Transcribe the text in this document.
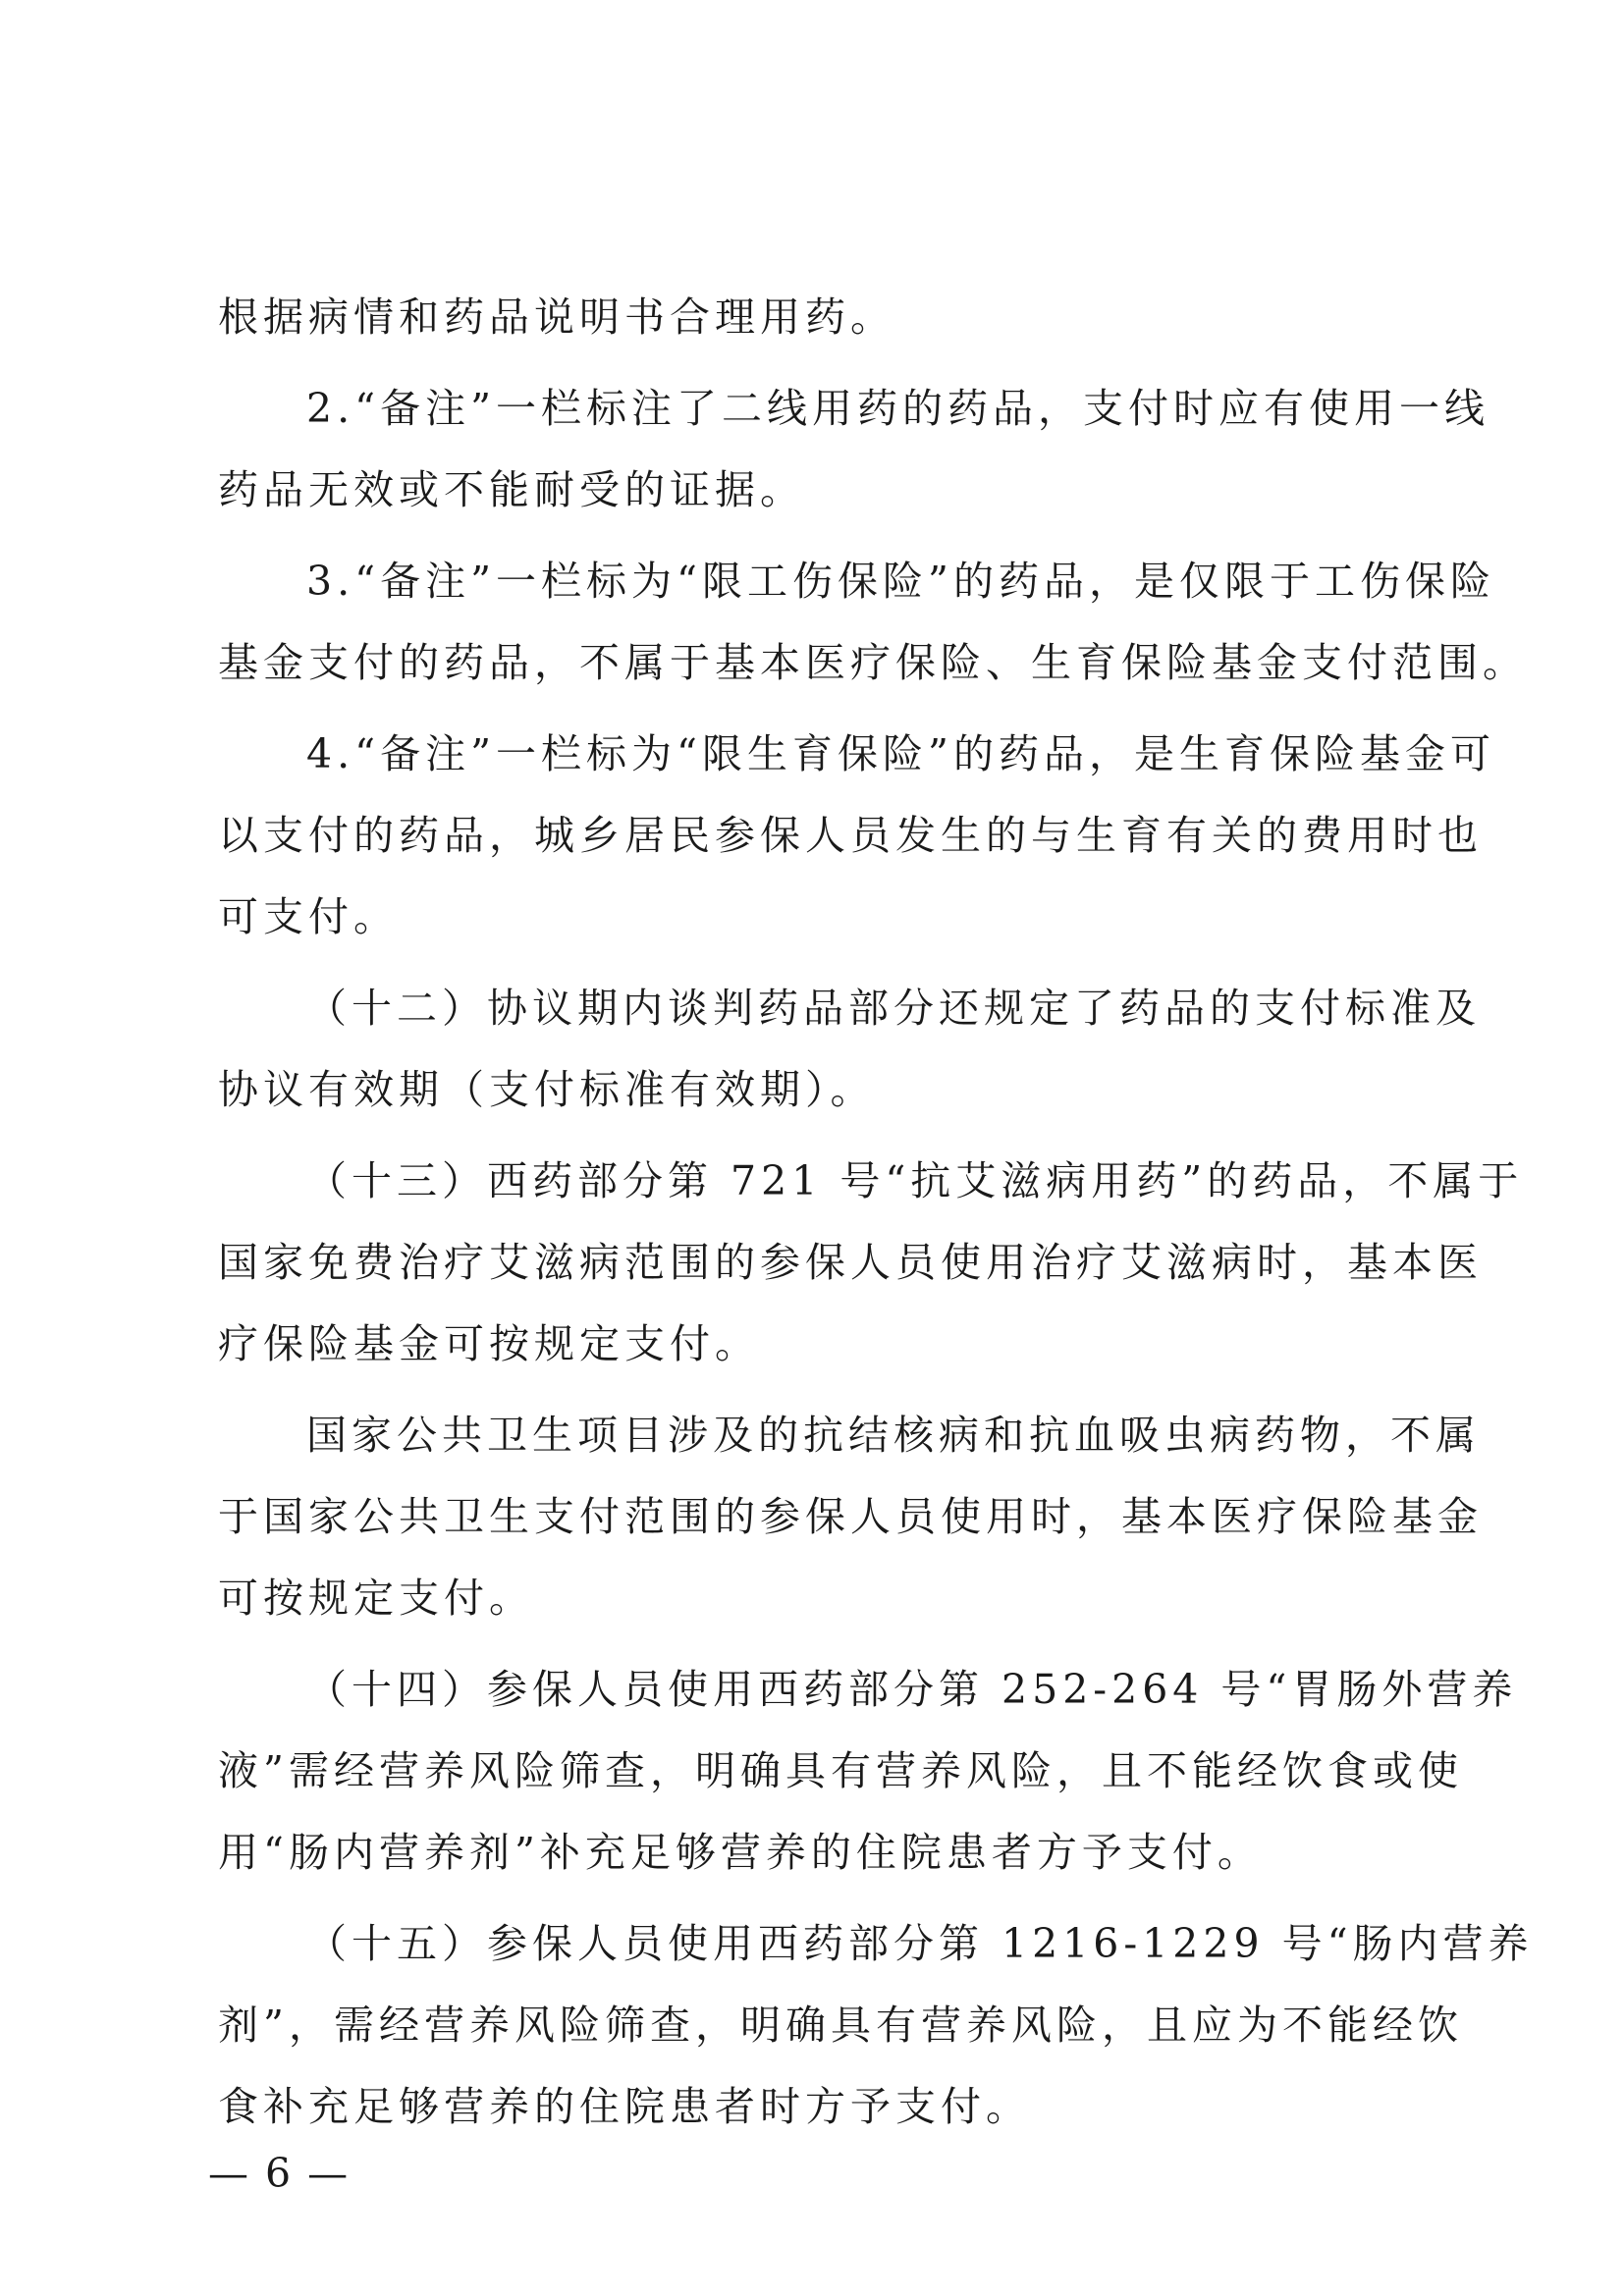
根据病情和药品说明书合理用药。
2.“备注”一栏标注了二线用药的药品，支付时应有使用一线
药品无效或不能耐受的证据。
3.“备注”一栏标为“限工伤保险”的药品，是仅限于工伤保险
基金支付的药品，不属于基本医疗保险、生育保险基金支付范围。
4.“备注”一栏标为“限生育保险”的药品，是生育保险基金可
以支付的药品，城乡居民参保人员发生的与生育有关的费用时也
可支付。
（十二）协议期内谈判药品部分还规定了药品的支付标准及
协议有效期（支付标准有效期）。
（十三）西药部分第 721 号“抗艾滋病用药”的药品，不属于
国家免费治疗艾滋病范围的参保人员使用治疗艾滋病时，基本医
疗保险基金可按规定支付。
国家公共卫生项目涉及的抗结核病和抗血吸虫病药物，不属
于国家公共卫生支付范围的参保人员使用时，基本医疗保险基金
可按规定支付。
（十四）参保人员使用西药部分第 252-264 号“胃肠外营养
液”需经营养风险筛查，明确具有营养风险，且不能经饮食或使
用“肠内营养剂”补充足够营养的住院患者方予支付。
（十五）参保人员使用西药部分第 1216-1229 号“肠内营养
剂”，需经营养风险筛查，明确具有营养风险，且应为不能经饮
食补充足够营养的住院患者时方予支付。
— 6 —
